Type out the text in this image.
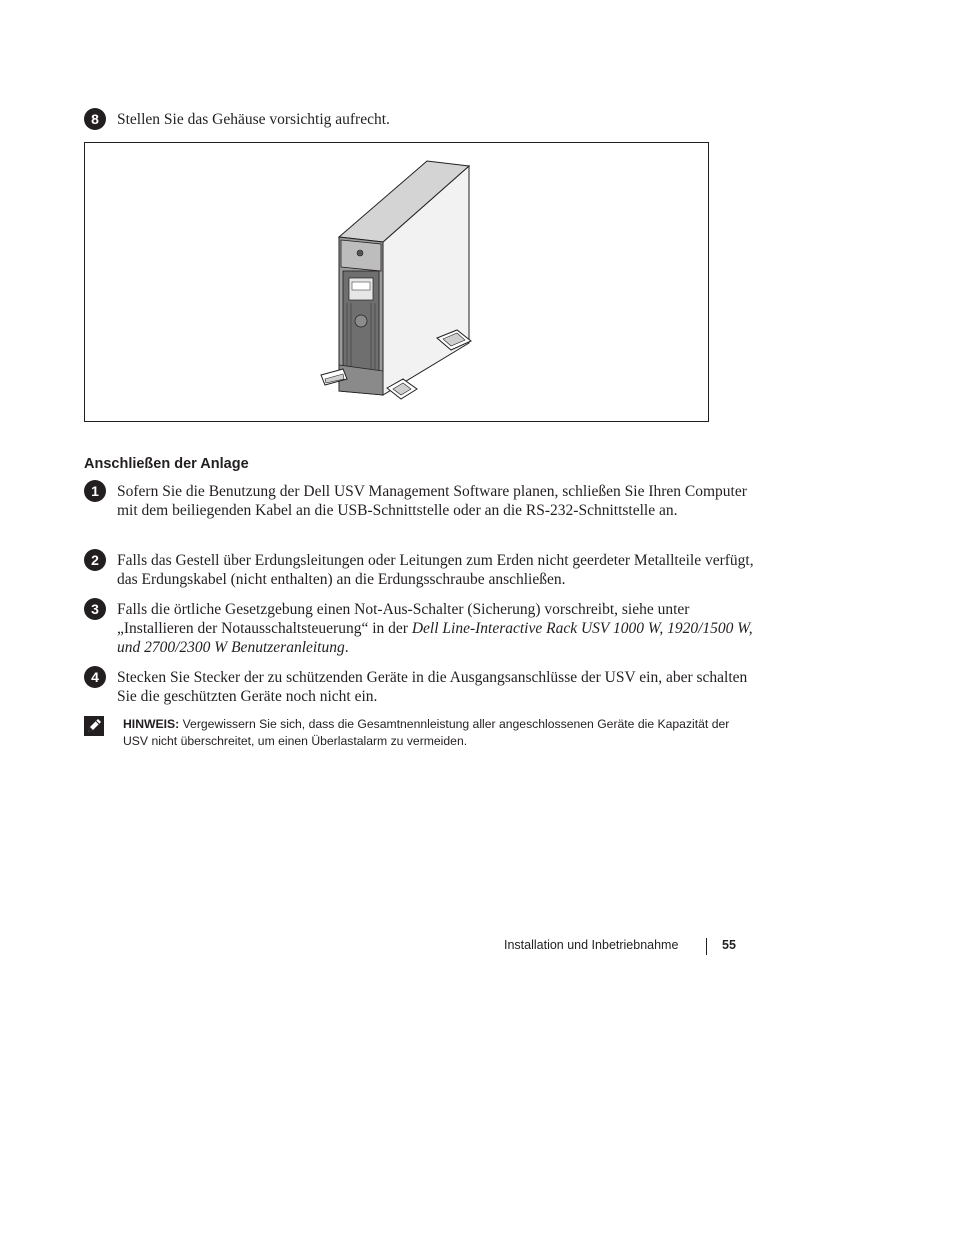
8	Stellen Sie das Gehäuse vorsichtig aufrecht.
Anschließen der Anlage
1	Sofern Sie die Benutzung der Dell USV Management Software planen, schließen Sie Ihren Computer mit dem beiliegenden Kabel an die USB-Schnittstelle oder an die RS-232-Schnittstelle an.
2	Falls das Gestell über Erdungsleitungen oder Leitungen zum Erden nicht geerdeter Metallteile verfügt, das Erdungskabel (nicht enthalten) an die Erdungsschraube anschließen.
3	Falls die örtliche Gesetzgebung einen Not-Aus-Schalter (Sicherung) vorschreibt, siehe unter „Installieren der Notausschaltsteuerung“ in der Dell Line-Interactive Rack USV 1000 W, 1920/1500 W, und 2700/2300 W Benutzeranleitung.
4	Stecken Sie Stecker der zu schützenden Geräte in die Ausgangsanschlüsse der USV ein, aber schalten Sie die geschützten Geräte noch nicht ein.
HINWEIS: Vergewissern Sie sich, dass die Gesamtnennleistung aller angeschlossenen Geräte die Kapazität der USV nicht überschreitet, um einen Überlastalarm zu vermeiden.
Installation und Inbetriebnahme	55
